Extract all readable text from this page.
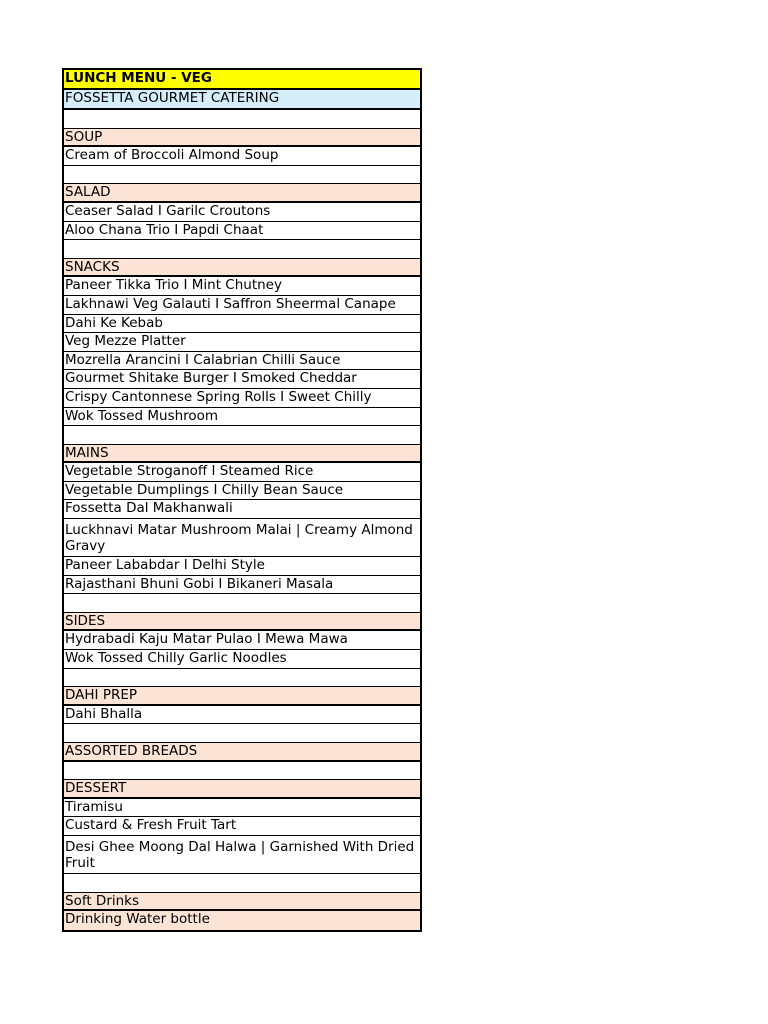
LUNCH MENU - VEG
FOSSETTA GOURMET CATERING
SOUP
Cream of Broccoli Almond Soup
SALAD
Ceaser Salad I Garilc Croutons
Aloo Chana Trio I Papdi Chaat
SNACKS
Paneer Tikka Trio I Mint Chutney
Lakhnawi Veg Galauti I Saffron Sheermal Canape
Dahi Ke Kebab
Veg Mezze Platter
Mozrella Arancini I Calabrian Chilli Sauce
Gourmet Shitake Burger I Smoked Cheddar
Crispy Cantonnese Spring Rolls I Sweet Chilly
Wok Tossed Mushroom
MAINS
Vegetable Stroganoff I Steamed Rice
Vegetable Dumplings I Chilly Bean Sauce
Fossetta Dal Makhanwali
Luckhnavi Matar Mushroom Malai | Creamy Almond Gravy
Paneer Lababdar I Delhi Style
Rajasthani Bhuni Gobi I Bikaneri Masala
SIDES
Hydrabadi Kaju Matar Pulao I Mewa Mawa
Wok Tossed Chilly Garlic Noodles
DAHI PREP
Dahi Bhalla
ASSORTED BREADS
DESSERT
Tiramisu
Custard & Fresh Fruit Tart
Desi Ghee Moong Dal Halwa | Garnished With Dried Fruit
Soft Drinks
Drinking Water bottle
